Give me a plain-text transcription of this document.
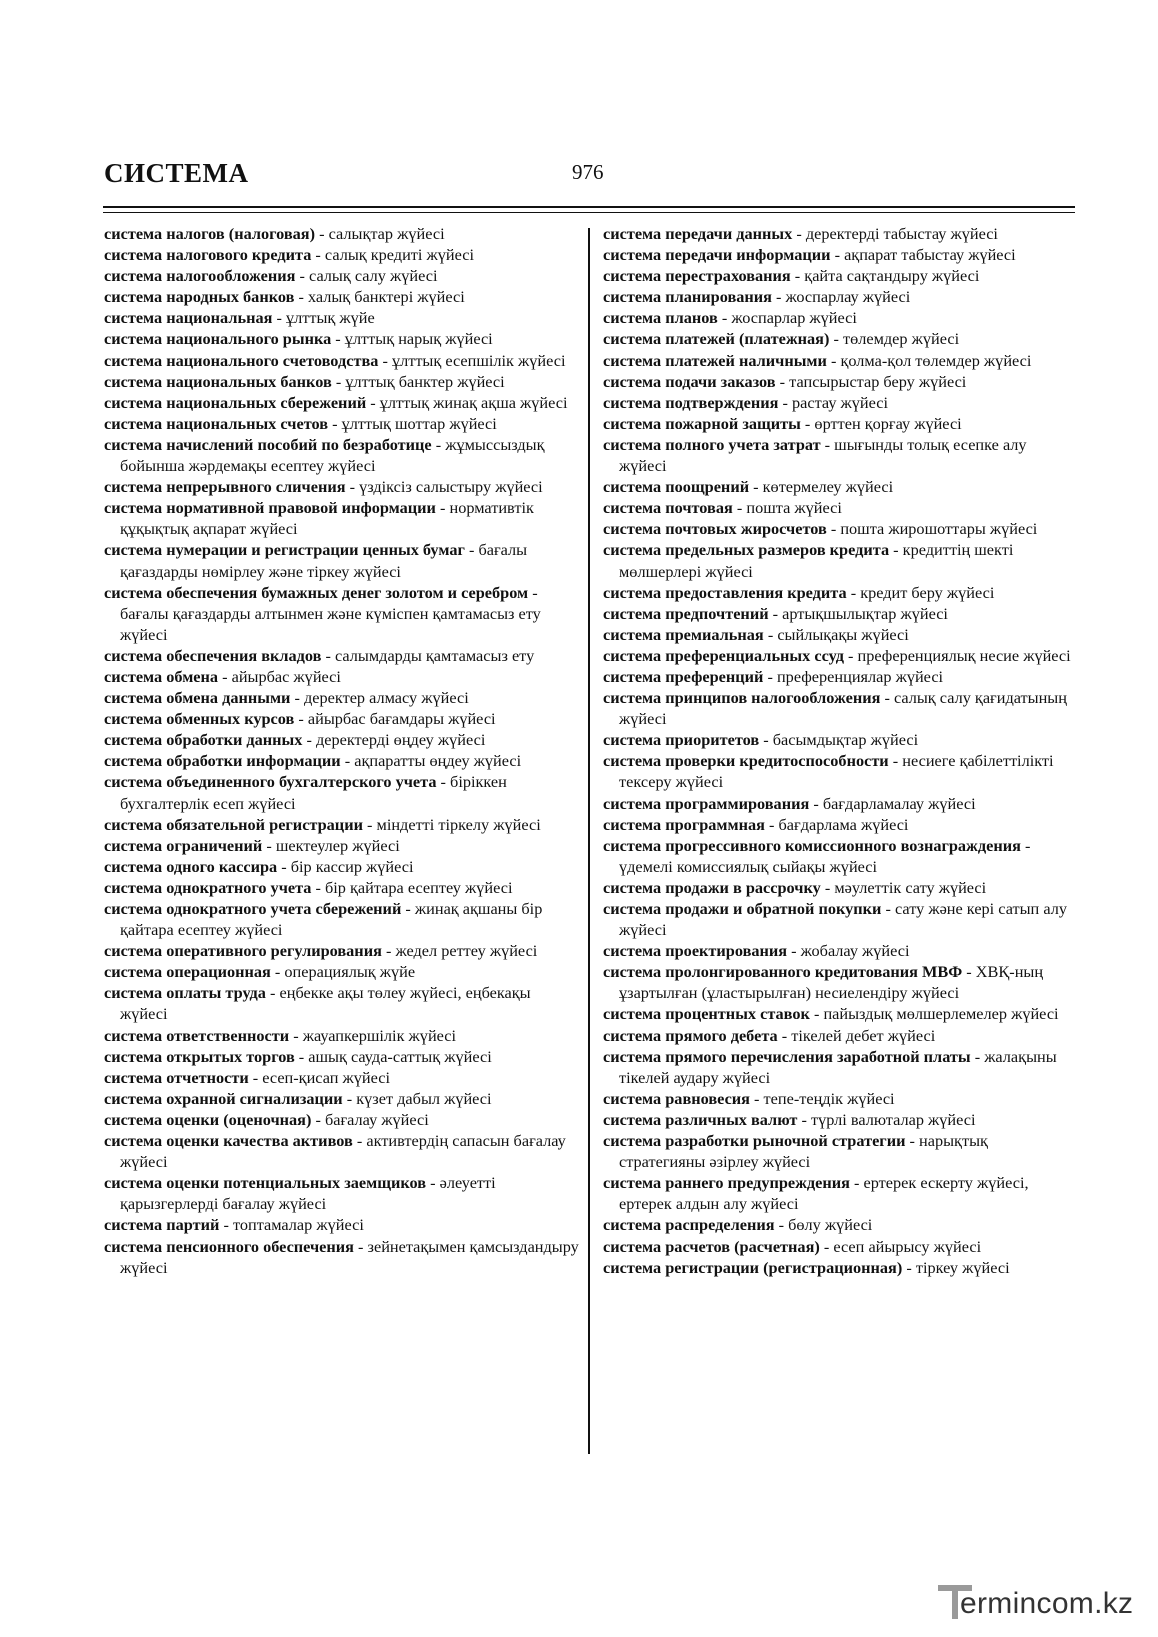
СИСТЕМА	976

система налогов (налоговая) - салықтар жүйесі

система налогового кредита - салық кредиті жүйесі

система налогообложения - салық салу жүйесі

система народных банков - халық банктері жүйесі

система национальная - ұлттық жүйе

система национального рынка - ұлттық нарық жүйесі

система национального счетоводства - ұлттық есепшілік жүйесі

система национальных банков - ұлттық банктер жүйесі

система национальных сбережений - ұлттық жинақ ақша жүйесі

система национальных счетов - ұлттық шоттар жүйесі

система начислений пособий по безработице - жұмыссыздық бойынша жәрдемақы есептеу жүйесі

система непрерывного сличения - үздіксіз салыстыру жүйесі

система нормативной правовой информации - нормативтік құқықтық ақпарат жүйесі

система нумерации и регистрации ценных бумаг - бағалы қағаздарды нөмірлеу және тіркеу жүйесі

система обеспечения бумажных денег золотом и серебром - бағалы қағаздарды алтынмен және күміспен қамтамасыз ету жүйесі

система обеспечения вкладов - салымдарды қамтамасыз ету

система обмена - айырбас жүйесі

система обмена данными - деректер алмасу жүйесі

система обменных курсов - айырбас бағамдары жүйесі

система обработки данных - деректерді өңдеу жүйесі

система обработки информации - ақпаратты өңдеу жүйесі

система объединенного бухгалтерского учета - біріккен бухгалтерлік есеп жүйесі

система обязательной регистрации - міндетті тіркелу жүйесі

система ограничений - шектеулер жүйесі

система одного кассира - бір кассир жүйесі

система однократного учета - бір қайтара есептеу жүйесі

система однократного учета сбережений - жинақ ақшаны бір қайтара есептеу жүйесі

система оперативного регулирования - жедел реттеу жүйесі

система операционная - операциялық жүйе

система оплаты труда - еңбекке ақы төлеу жүйесі, еңбекақы жүйесі

система ответственности - жауапкершілік жүйесі

система открытых торгов - ашық сауда-саттық жүйесі

система отчетности - есеп-қисап жүйесі

система охранной сигнализации - күзет дабыл жүйесі

система оценки (оценочная) - бағалау жүйесі

система оценки качества активов - активтердің сапасын бағалау жүйесі

система оценки потенциальных заемщиков - әлеуетті қарызгерлерді бағалау жүйесі

система партий - топтамалар жүйесі

система пенсионного обеспечения - зейнетақымен қамсыздандыру жүйесі

система передачи данных - деректерді табыстау жүйесі

система передачи информации - ақпарат табыстау жүйесі

система перестрахования - қайта сақтандыру жүйесі

система планирования - жоспарлау жүйесі

система планов - жоспарлар жүйесі

система платежей (платежная) - төлемдер жүйесі

система платежей наличными - қолма-қол төлемдер жүйесі

система подачи заказов - тапсырыстар беру жүйесі

система подтверждения - растау жүйесі

система пожарной защиты - өрттен қорғау жүйесі

система полного учета затрат - шығынды толық есепке алу жүйесі

система поощрений - көтермелеу жүйесі

система почтовая - пошта жүйесі

система почтовых жиросчетов - пошта жирошоттары жүйесі

система предельных размеров кредита - кредиттің шекті мөлшерлері жүйесі

система предоставления кредита - кредит беру жүйесі

система предпочтений - артықшылықтар жүйесі

система премиальная - сыйлықақы жүйесі

система преференциальных ссуд - преференциялық несие жүйесі

система преференций - преференциялар жүйесі

система принципов налогообложения - салық салу қағидатының жүйесі

система приоритетов - басымдықтар жүйесі

система проверки кредитоспособности - несиеге қабілеттілікті тексеру жүйесі

система программирования - бағдарламалау жүйесі

система программная - бағдарлама жүйесі

система прогрессивного комиссионного вознаграждения - үдемелі комиссиялық сыйақы жүйесі

система продажи в рассрочку - мәулеттік сату жүйесі

система продажи и обратной покупки - сату және кері сатып алу жүйесі

система проектирования - жобалау жүйесі

система пролонгированного кредитования МВФ - ХВҚ-ның ұзартылған (ұластырылған) несиелендіру жүйесі

система процентных ставок - пайыздық мөлшерлемелер жүйесі

система прямого дебета - тікелей дебет жүйесі

система прямого перечисления заработной платы - жалақыны тікелей аудару жүйесі

система равновесия - тепе-теңдік жүйесі

система различных валют - түрлі валюталар жүйесі

система разработки рыночной стратегии - нарықтық стратегияны әзірлеу жүйесі

система раннего предупреждения - ертерек ескерту жүйесі, ертерек алдын алу жүйесі

система распределения - бөлу жүйесі

система расчетов (расчетная) - есеп айырысу жүйесі

система регистрации (регистрационная) - тіркеу жүйесі

ermincom.kz
